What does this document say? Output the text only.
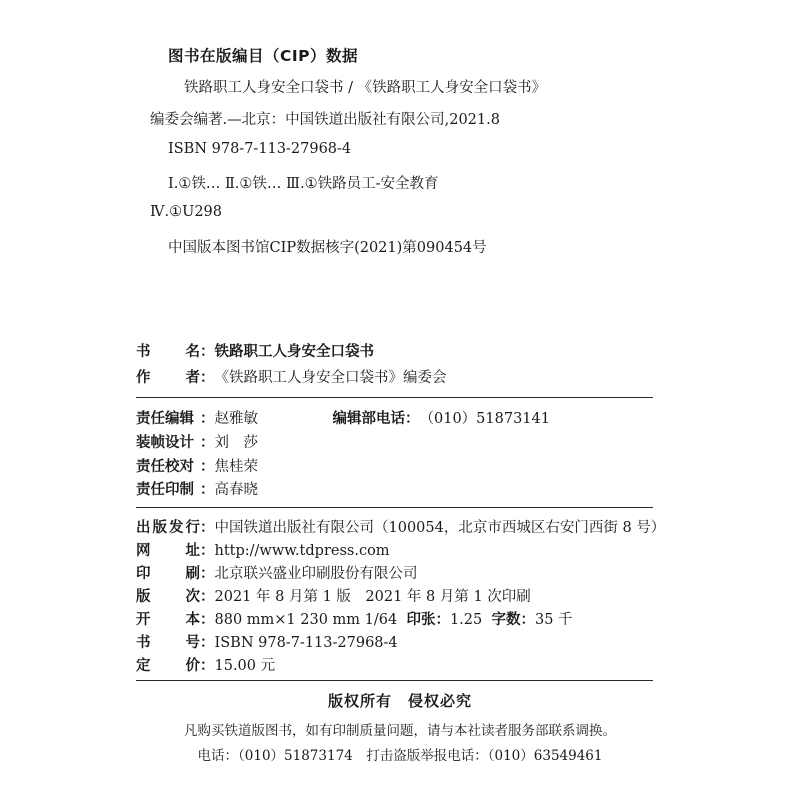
图书在版编目（CIP）数据
铁路职工人身安全口袋书 / 《铁路职工人身安全口袋书》
编委会编著.—北京：中国铁道出版社有限公司,2021.8
ISBN 978-7-113-27968-4
Ⅰ.①铁… Ⅱ.①铁… Ⅲ.①铁路员工-安全教育
Ⅳ.①U298
中国版本图书馆CIP数据核字(2021)第090454号
书 名：铁路职工人身安全口袋书
作 者：《铁路职工人身安全口袋书》编委会
责任编辑 ：赵雅敏	编辑部电话：（010）51873141
装帧设计 ：刘　莎
责任校对 ：焦桂荣
责任印制 ：高春晓
出版发行：中国铁道出版社有限公司（100054，北京市西城区右安门西街 8 号）
网 址：http://www.tdpress.com
印 刷：北京联兴盛业印刷股份有限公司
版 次：2021 年 8 月第 1 版　2021 年 8 月第 1 次印刷
开 本：880 mm×1 230 mm 1/64 印张：1.25 字数：35 千
书 号：ISBN 978-7-113-27968-4
定 价：15.00 元
版权所有　侵权必究
凡购买铁道版图书，如有印制质量问题，请与本社读者服务部联系调换。
电话：（010）51873174　打击盗版举报电话：（010）63549461
